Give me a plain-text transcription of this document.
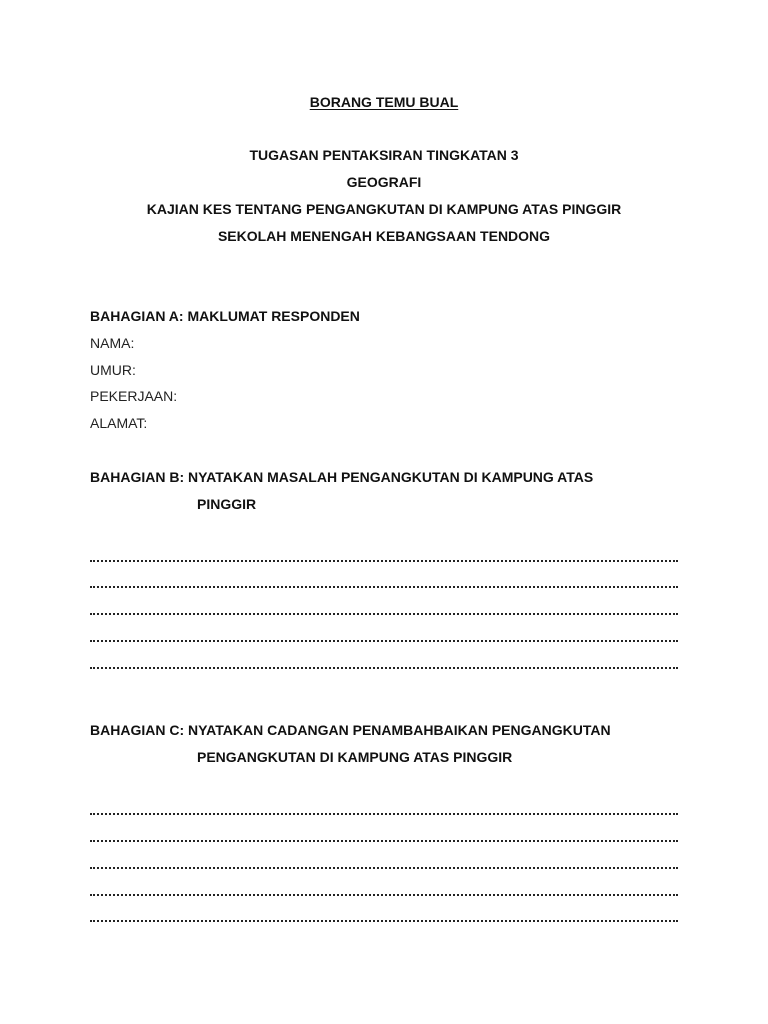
BORANG TEMU BUAL
TUGASAN PENTAKSIRAN TINGKATAN 3
GEOGRAFI
KAJIAN KES TENTANG PENGANGKUTAN DI KAMPUNG ATAS PINGGIR
SEKOLAH MENENGAH KEBANGSAAN TENDONG
BAHAGIAN A: MAKLUMAT RESPONDEN
NAMA:
UMUR:
PEKERJAAN:
ALAMAT:
BAHAGIAN B: NYATAKAN MASALAH PENGANGKUTAN DI KAMPUNG ATAS
PINGGIR
BAHAGIAN C: NYATAKAN CADANGAN PENAMBAHBAIKAN PENGANGKUTAN
PENGANGKUTAN DI KAMPUNG ATAS PINGGIR
